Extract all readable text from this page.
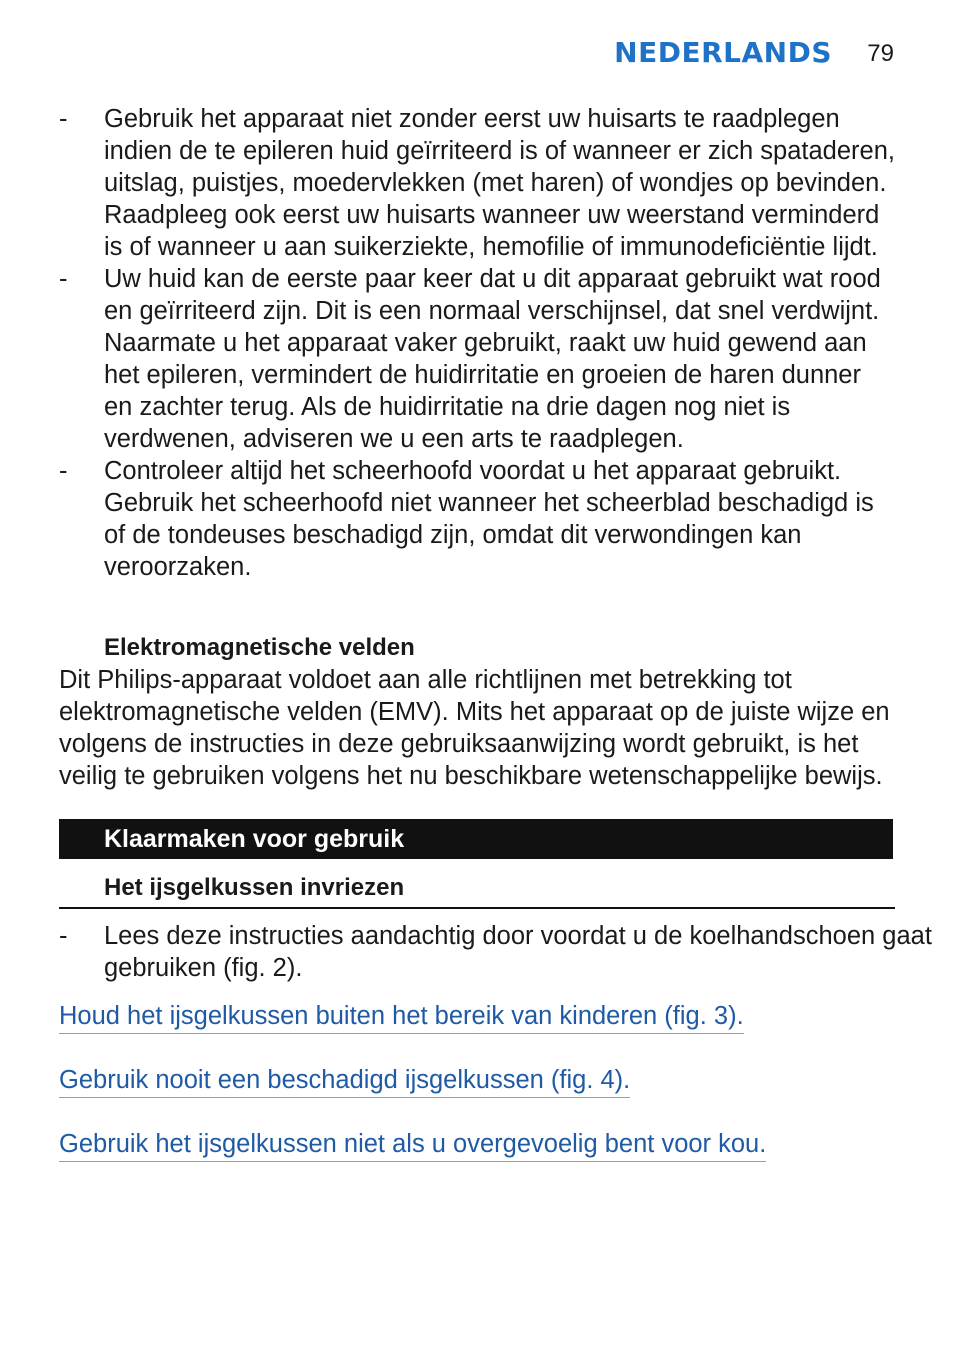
NEDERLANDS 79
-	Gebruik het apparaat niet zonder eerst uw huisarts te raadplegen indien de te epileren huid geïrriteerd is of wanneer er zich spataderen, uitslag, puistjes, moedervlekken (met haren) of wondjes op bevinden. Raadpleeg ook eerst uw huisarts wanneer uw weerstand verminderd is of wanneer u aan suikerziekte, hemofilie of immunodeficiëntie lijdt.
-	Uw huid kan de eerste paar keer dat u dit apparaat gebruikt wat rood en geïrriteerd zijn. Dit is een normaal verschijnsel, dat snel verdwijnt. Naarmate u het apparaat vaker gebruikt, raakt uw huid gewend aan het epileren, vermindert de huidirritatie en groeien de haren dunner en zachter terug. Als de huidirritatie na drie dagen nog niet is verdwenen, adviseren we u een arts te raadplegen.
-	Controleer altijd het scheerhoofd voordat u het apparaat gebruikt. Gebruik het scheerhoofd niet wanneer het scheerblad beschadigd is of de tondeuses beschadigd zijn, omdat dit verwondingen kan veroorzaken.
Elektromagnetische velden
Dit Philips-apparaat voldoet aan alle richtlijnen met betrekking tot elektromagnetische velden (EMV). Mits het apparaat op de juiste wijze en volgens de instructies in deze gebruiksaanwijzing wordt gebruikt, is het veilig te gebruiken volgens het nu beschikbare wetenschappelijke bewijs.
Klaarmaken voor gebruik
Het ijsgelkussen invriezen
-	Lees deze instructies aandachtig door voordat u de koelhandschoen gaat gebruiken (fig. 2).
Houd het ijsgelkussen buiten het bereik van kinderen (fig. 3).
Gebruik nooit een beschadigd ijsgelkussen (fig. 4).
Gebruik het ijsgelkussen niet als u overgevoelig bent voor kou.
